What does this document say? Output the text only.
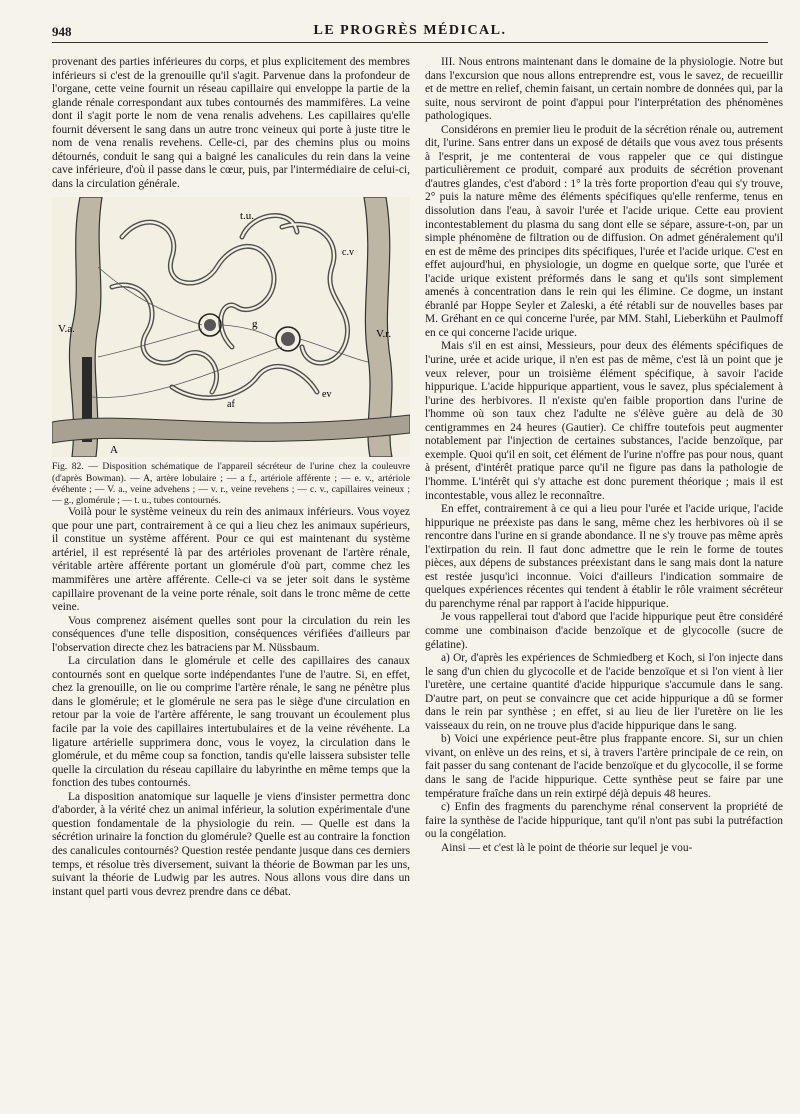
948	LE PROGRÈS MÉDICAL.

provenant des parties inférieures du corps, et plus explicitement des membres inférieurs si c'est de la grenouille qu'il s'agit. Parvenue dans la profondeur de l'organe, cette veine fournit un réseau capillaire qui enveloppe la partie de la glande rénale correspondant aux tubes contournés des mammifères. La veine dont il s'agit porte le nom de vena renalis advehens. Les capillaires qu'elle fournit déversent le sang dans un autre tronc veineux qui porte à juste titre le nom de vena renalis revehens. Celle-ci, par des chemins plus ou moins détournés, conduit le sang qui a baigné les canalicules du rein dans la veine cave inférieure, d'où il passe dans le cœur, puis, par l'intermédiaire de celui-ci, dans la circulation générale.

t.u.
c.v
V.a.	V.r.
g
af
ev
A

Fig. 82. — Disposition schématique de l'appareil sécréteur de l'urine chez la couleuvre (d'après Bowman). — A, artère lobulaire ; — a f., artériole afférente ; — e. v., artériole évéhente ; — V. a., veine advehens ; — v. r., veine revehens ; — c. v., capillaires veineux ; — g., glomérule ; — t. u., tubes contournés.

Voilà pour le système veineux du rein des animaux inférieurs. Vous voyez que pour une part, contrairement à ce qui a lieu chez les animaux supérieurs, il constitue un système afférent. Pour ce qui est maintenant du système artériel, il est représenté là par des artérioles provenant de l'artère rénale, véritable artère afférente portant un glomérule d'où part, comme chez les mammifères une artère afférente. Celle-ci va se jeter soit dans le système capillaire provenant de la veine porte rénale, soit dans le tronc même de cette veine.

Vous comprenez aisément quelles sont pour la circulation du rein les conséquences d'une telle disposition, conséquences vérifiées d'ailleurs par l'observation directe chez les batraciens par M. Nüssbaum.

La circulation dans le glomérule et celle des capillaires des canaux contournés sont en quelque sorte indépendantes l'une de l'autre. Si, en effet, chez la grenouille, on lie ou comprime l'artère rénale, le sang ne pénètre plus dans le glomérule; et le glomérule ne sera pas le siège d'une circulation en retour par la voie de l'artère afférente, le sang trouvant un écoulement plus facile par la voie des capillaires intertubulaires et de la veine révéhente. La ligature artérielle supprimera donc, vous le voyez, la circulation dans le glomérule, et du même coup sa fonction, tandis qu'elle laissera subsister telle quelle la circulation du réseau capillaire du labyrinthe en même temps que la fonction des tubes contournés.

La disposition anatomique sur laquelle je viens d'insister permettra donc d'aborder, à la vérité chez un animal inférieur, la solution expérimentale d'une question fondamentale de la physiologie du rein. — Quelle est dans la sécrétion urinaire la fonction du glomérule? Quelle est au contraire la fonction des canalicules contournés? Question restée pendante jusque dans ces derniers temps, et résolue très diversement, suivant la théorie de Bowman par les uns, suivant la théorie de Ludwig par les autres. Nous allons vous dire dans un instant quel parti vous devrez prendre dans ce débat.

III. Nous entrons maintenant dans le domaine de la physiologie. Notre but dans l'excursion que nous allons entreprendre est, vous le savez, de recueillir et de mettre en relief, chemin faisant, un certain nombre de données qui, par la suite, nous serviront de point d'appui pour l'interprétation des phénomènes pathologiques.

Considérons en premier lieu le produit de la sécrétion rénale ou, autrement dit, l'urine. Sans entrer dans un exposé de détails que vous avez tous présents à l'esprit, je me contenterai de vous rappeler que ce qui distingue particulièrement ce produit, comparé aux produits de sécrétion provenant d'autres glandes, c'est d'abord : 1° la très forte proportion d'eau qui s'y trouve, 2° puis la nature même des éléments spécifiques qu'elle renferme, tenus en dissolution dans l'eau, à savoir l'urée et l'acide urique. Cette eau provient incontestablement du plasma du sang dont elle se sépare, assure-t-on, par un simple phénomène de filtration ou de diffusion. On admet généralement qu'il en est de même des principes dits spécifiques, l'urée et l'acide urique. C'est en effet aujourd'hui, en physiologie, un dogme en quelque sorte, que l'urée et l'acide urique existent préformés dans le sang et qu'ils sont simplement amenés à concentration dans le rein qui les élimine. Ce dogme, un instant ébranlé par Hoppe Seyler et Zaleski, a été rétabli sur de nouvelles bases par M. Gréhant en ce qui concerne l'urée, par MM. Stahl, Lieberkühn et Paulmoff en ce qui concerne l'acide urique.

Mais s'il en est ainsi, Messieurs, pour deux des éléments spécifiques de l'urine, urée et acide urique, il n'en est pas de même, c'est là un point que je veux relever, pour un troisième élément spécifique, à savoir l'acide hippurique. L'acide hippurique appartient, vous le savez, plus spécialement à l'urine des herbivores. Il n'existe qu'en faible proportion dans l'urine de l'homme où son taux chez l'adulte ne s'élève guère au delà de 30 centigrammes en 24 heures (Gautier). Ce chiffre toutefois peut augmenter notablement par l'injection de certaines substances, l'acide benzoïque, par exemple. Quoi qu'il en soit, cet élément de l'urine n'offre pas pour nous, quant à présent, d'intérêt pratique parce qu'il ne figure pas dans la pathologie de l'homme. L'intérêt qui s'y attache est donc purement théorique ; mais il est incontestable, vous allez le reconnaître.

En effet, contrairement à ce qui a lieu pour l'urée et l'acide urique, l'acide hippurique ne préexiste pas dans le sang, même chez les herbivores où il se rencontre dans l'urine en si grande abondance. Il ne s'y trouve pas même après l'extirpation du rein. Il faut donc admettre que le rein le forme de toutes pièces, aux dépens de substances préexistant dans le sang mais dont la nature est restée jusqu'ici inconnue. Voici d'ailleurs l'indication sommaire de quelques expériences récentes qui tendent à établir le rôle vraiment sécréteur du parenchyme rénal par rapport à l'acide hippurique.

Je vous rappellerai tout d'abord que l'acide hippurique peut être considéré comme une combinaison d'acide benzoïque et de glycocolle (sucre de gélatine).

a) Or, d'après les expériences de Schmiedberg et Koch, si l'on injecte dans le sang d'un chien du glycocolle et de l'acide benzoïque et si l'on vient à lier l'uretère, une certaine quantité d'acide hippurique s'accumule dans le sang. D'autre part, on peut se convaincre que cet acide hippurique a dû se former dans le rein par synthèse ; en effet, si au lieu de lier l'uretère on lie les vaisseaux du rein, on ne trouve plus d'acide hippurique dans le sang.

b) Voici une expérience peut-être plus frappante encore. Si, sur un chien vivant, on enlève un des reins, et si, à travers l'artère principale de ce rein, on fait passer du sang contenant de l'acide benzoïque et du glycocolle, il se forme dans le sang de l'acide hippurique. Cette synthèse peut se faire par une température fraîche dans un rein extirpé déjà depuis 48 heures.

c) Enfin des fragments du parenchyme rénal conservent la propriété de faire la synthèse de l'acide hippurique, tant qu'il n'ont pas subi la putréfaction ou la congélation.

Ainsi — et c'est là le point de théorie sur lequel je vou-
